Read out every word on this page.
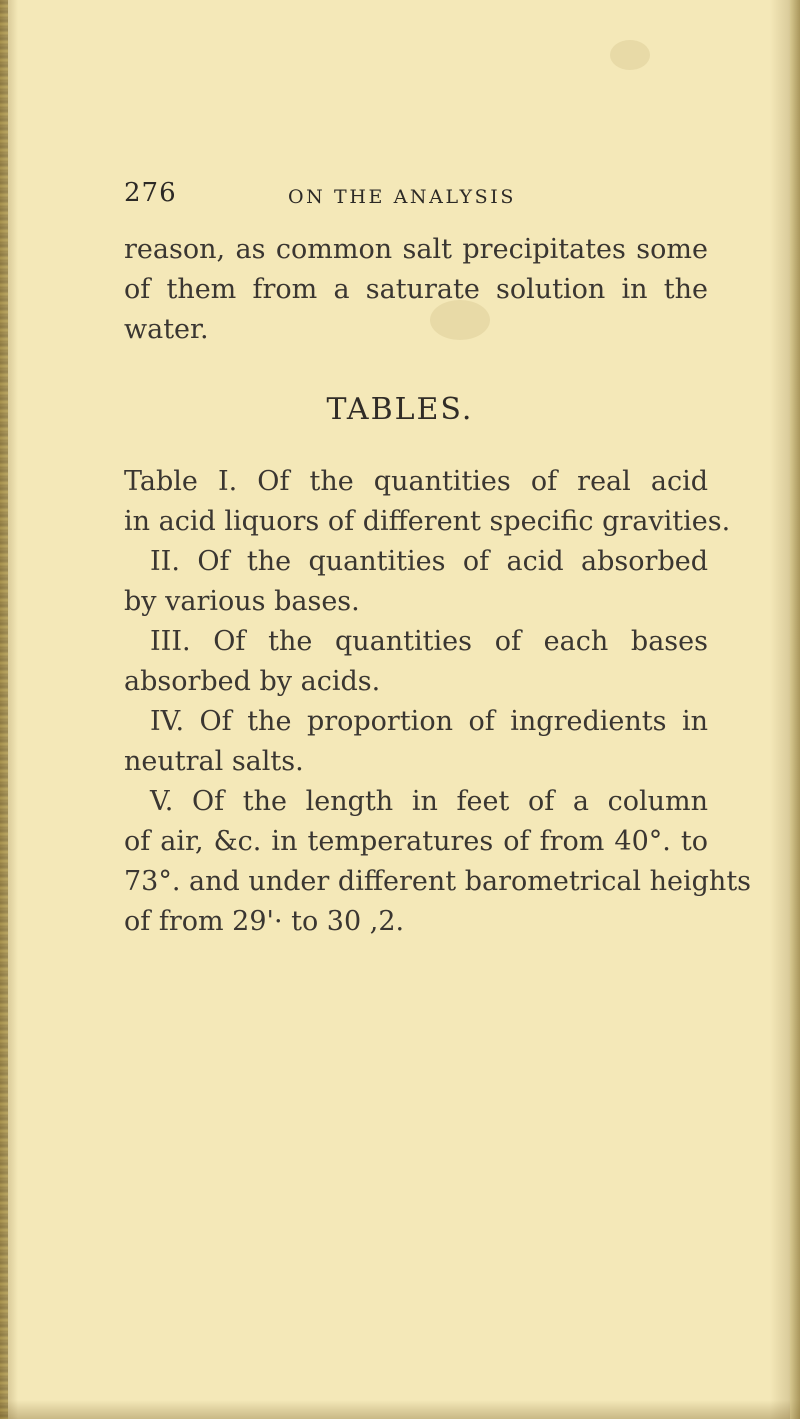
276	ON THE ANALYSIS
reason, as common salt precipitates some
of them from a saturate solution in the
water.
TABLES.
Table I. Of the quantities of real acid
in acid liquors of different specific gravities.
II. Of the quantities of acid absorbed
by various bases.
III. Of the quantities of each bases
absorbed by acids.
IV. Of the proportion of ingredients in
neutral salts.
V. Of the length in feet of a column
of air, &c. in temperatures of from 40°. to
73°. and under different barometrical heights
of from 29'· to 30 ,2.
